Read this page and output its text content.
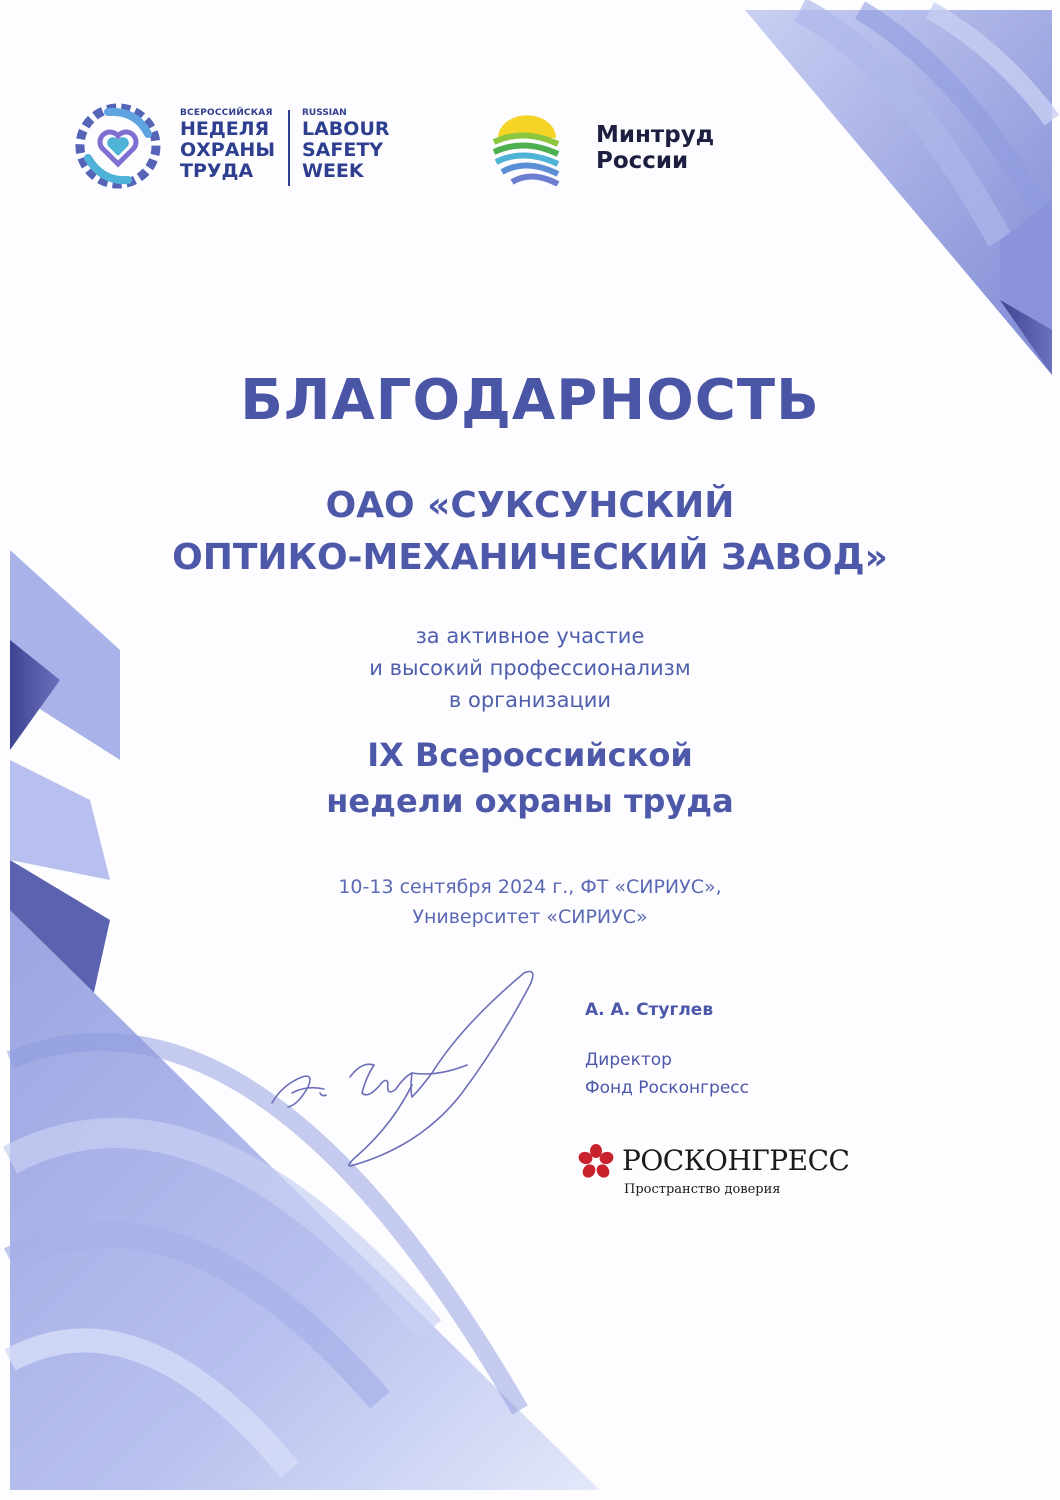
ВСЕРОССИЙСКАЯ
НЕДЕЛЯ
ОХРАНЫ
ТРУДА
RUSSIAN
LABOUR
SAFETY
WEEK
Минтруд
России
БЛАГОДАРНОСТЬ
ОАО «СУКСУНСКИЙ
ОПТИКО-МЕХАНИЧЕСКИЙ ЗАВОД»
за активное участие
и высокий профессионализм
в организации
IX Всероссийской
недели охраны труда
10-13 сентября 2024 г., ФТ «СИРИУС»,
Университет «СИРИУС»
А. А. Стуглев
Директор
Фонд Росконгресс
РОСКОНГРЕСС
Пространство доверия
